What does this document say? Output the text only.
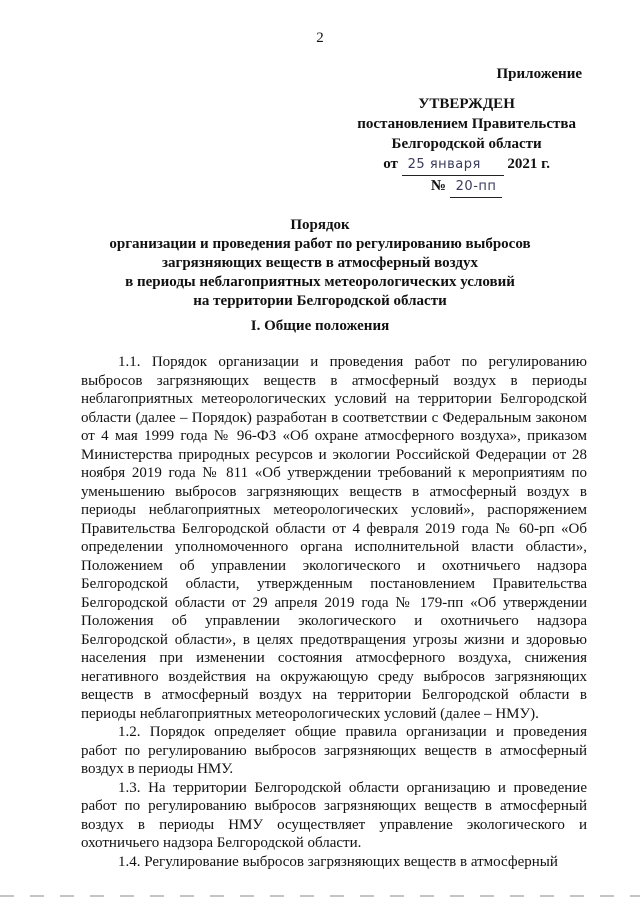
2
Приложение
УТВЕРЖДЕН
постановлением Правительства
Белгородской области
от 25 января 2021 г.
№ 20-пп
Порядок
организации и проведения работ по регулированию выбросов
загрязняющих веществ в атмосферный воздух
в периоды неблагоприятных метеорологических условий
на территории Белгородской области
I. Общие положения

1.1. Порядок организации и проведения работ по регулированию выбросов загрязняющих веществ в атмосферный воздух в периоды неблагоприятных метеорологических условий на территории Белгородской области (далее – Порядок) разработан в соответствии с Федеральным законом от 4 мая 1999 года № 96-ФЗ «Об охране атмосферного воздуха», приказом Министерства природных ресурсов и экологии Российской Федерации от 28 ноября 2019 года № 811 «Об утверждении требований к мероприятиям по уменьшению выбросов загрязняющих веществ в атмосферный воздух в периоды неблагоприятных метеорологических условий», распоряжением Правительства Белгородской области от 4 февраля 2019 года № 60-рп «Об определении уполномоченного органа исполнительной власти области», Положением об управлении экологического и охотничьего надзора Белгородской области, утвержденным постановлением Правительства Белгородской области от 29 апреля 2019 года № 179-пп «Об утверждении Положения об управлении экологического и охотничьего надзора Белгородской области», в целях предотвращения угрозы жизни и здоровью населения при изменении состояния атмосферного воздуха, снижения негативного воздействия на окружающую среду выбросов загрязняющих веществ в атмосферный воздух на территории Белгородской области в периоды неблагоприятных метеорологических условий (далее – НМУ).

1.2. Порядок определяет общие правила организации и проведения работ по регулированию выбросов загрязняющих веществ в атмосферный воздух в периоды НМУ.

1.3. На территории Белгородской области организацию и проведение работ по регулированию выбросов загрязняющих веществ в атмосферный воздух в периоды НМУ осуществляет управление экологического и охотничьего надзора Белгородской области.

1.4. Регулирование выбросов загрязняющих веществ в атмосферный
